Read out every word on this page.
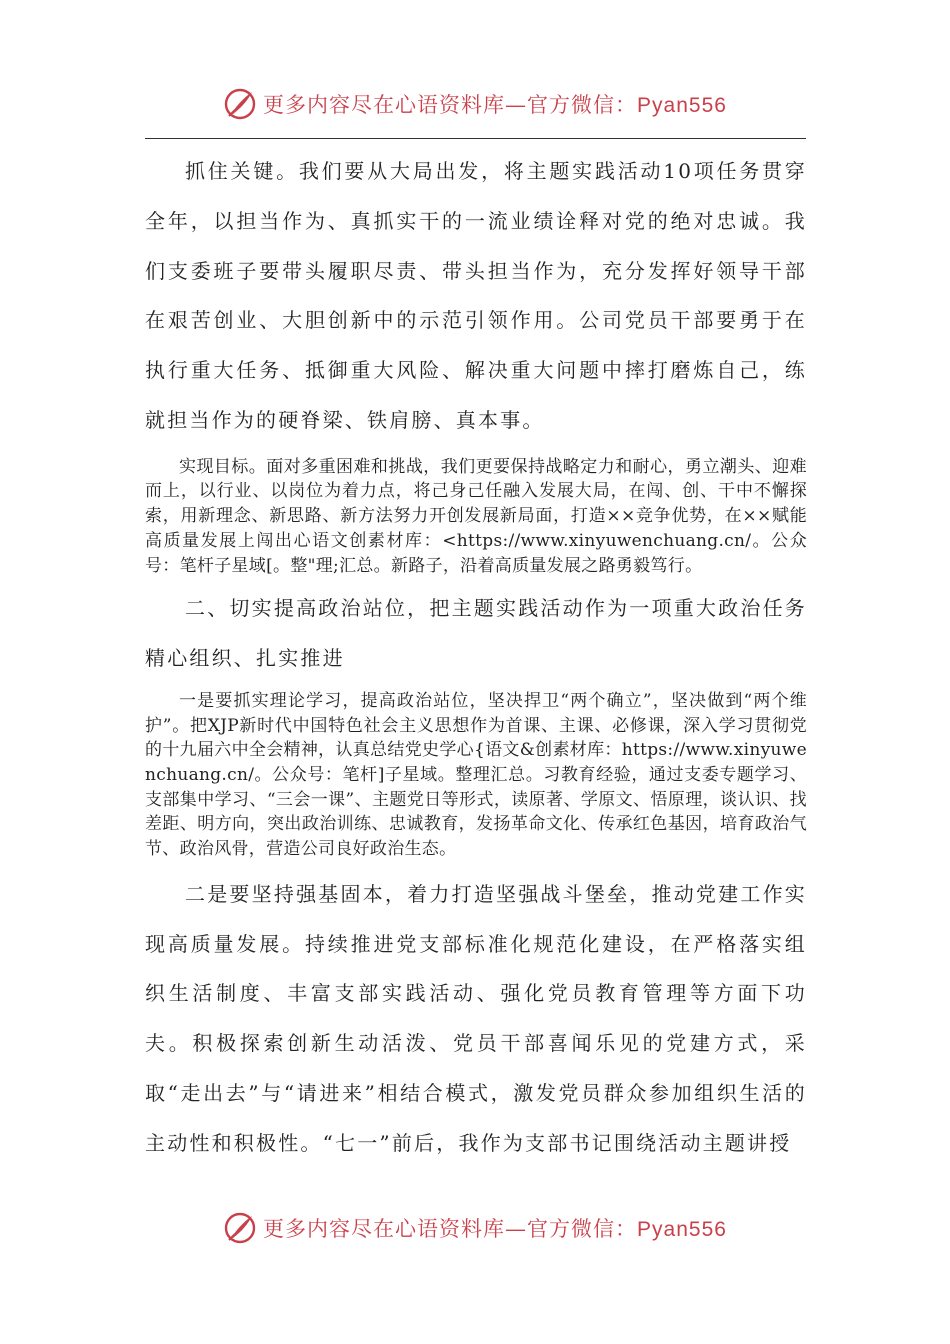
更多内容尽在心语资料库—官方微信：Pyan556

抓住关键。我们要从大局出发，将主题实践活动10项任务贯穿全年，以担当作为、真抓实干的一流业绩诠释对党的绝对忠诚。我们支委班子要带头履职尽责、带头担当作为，充分发挥好领导干部在艰苦创业、大胆创新中的示范引领作用。公司党员干部要勇于在执行重大任务、抵御重大风险、解决重大问题中摔打磨炼自己，练就担当作为的硬脊梁、铁肩膀、真本事。

实现目标。面对多重困难和挑战，我们更要保持战略定力和耐心，勇立潮头、迎难而上，以行业、以岗位为着力点，将己身己任融入发展大局，在闯、创、干中不懈探索，用新理念、新思路、新方法努力开创发展新局面，打造××竞争优势，在××赋能高质量发展上闯出心语文创素材库：<https://www.xinyuwenchuang.cn/。公众号：笔杆子星域[。整"理;汇总。新路子，沿着高质量发展之路勇毅笃行。

二、切实提高政治站位，把主题实践活动作为一项重大政治任务精心组织、扎实推进

一是要抓实理论学习，提高政治站位，坚决捍卫“两个确立”，坚决做到“两个维护”。把XJP新时代中国特色社会主义思想作为首课、主课、必修课，深入学习贯彻党的十九届六中全会精神，认真总结党史学心{语文&创素材库：https://www.xinyuwenchuang.cn/。公众号：笔杆]子星域。整理汇总。习教育经验，通过支委专题学习、支部集中学习、“三会一课”、主题党日等形式，读原著、学原文、悟原理，谈认识、找差距、明方向，突出政治训练、忠诚教育，发扬革命文化、传承红色基因，培育政治气节、政治风骨，营造公司良好政治生态。

二是要坚持强基固本，着力打造坚强战斗堡垒，推动党建工作实现高质量发展。持续推进党支部标准化规范化建设，在严格落实组织生活制度、丰富支部实践活动、强化党员教育管理等方面下功夫。积极探索创新生动活泼、党员干部喜闻乐见的党建方式，采取“走出去”与“请进来”相结合模式，激发党员群众参加组织生活的主动性和积极性。“七一”前后，我作为支部书记围绕活动主题讲授

更多内容尽在心语资料库—官方微信：Pyan556
